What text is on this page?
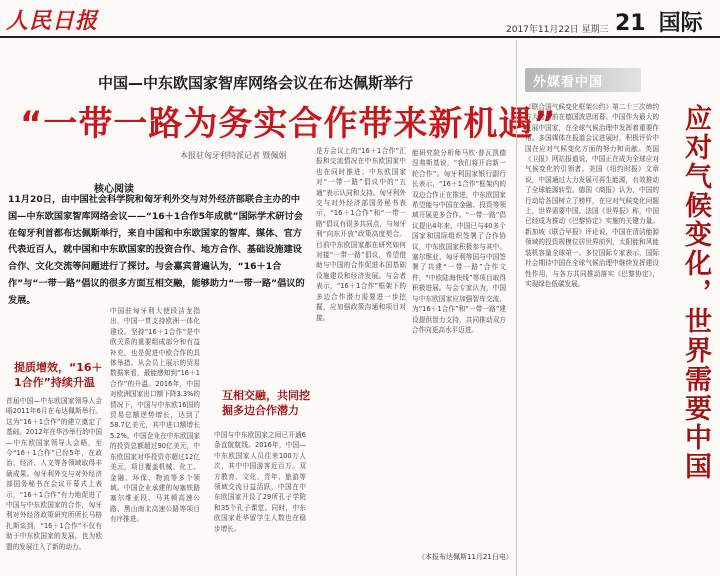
人民日报	2017年11月22日 星期三 21 国际
中国—中东欧国家智库网络会议在布达佩斯举行
“一带一路为务实合作带来新机遇”
本报驻匈牙利特派记者 暨佩娟
核心阅读
11月20日，由中国社会科学院和匈牙利外交与对外经济部联合主办的中国—中东欧国家智库网络会议——“16＋1合作5年成就”国际学术研讨会在匈牙利首都布达佩斯举行，来自中国和中东欧国家的智库、媒体、官方代表近百人，就中国和中东欧国家的投资合作、地方合作、基础设施建设合作、文化交流等问题进行了探讨。与会嘉宾普遍认为，“16＋1合作”与“一带一路”倡议的很多方面互相交融，能够助力“一带一路”倡议的发展。
提质增效，“16＋1合作”持续升温
首届中国—中东欧国家领导人会晤2011年6月在布达佩斯举行。这为“16＋1合作”的建立奠定了基础。2012年在华沙举行的中国—中东欧国家领导人会晤，至今“16＋1合作”已经5年，在政治、经济、人文等各领域取得丰硕成果。匈牙利外交与对外经济部国务秘书在会议开幕式上表示，“16＋1合作”有力地促进了中国与中东欧国家的合作，匈牙利对外经济政策研究所所长马格扎斯谈到，“16＋1合作”不仅有助于中东欧国家的发展，也为欧盟的发展注入了新的动力。
中国驻匈牙利大使段洁龙指出，中国一贯支持欧洲一体化建设。坚持“16＋1合作”是中欧关系的重要组成部分和有益补充，也是促进中欧合作的具体举措。从会员上展示的贸易数据来看，最能感知到“16＋1合作”的升温。2016年，中国对欧洲国家出口额下降3.3%的情况下，中国与中东欧16国的贸易总额逆势增长，达到了58.7亿美元，其中进口额增长5.2%。中国企业在中东欧国家的投资总额超过90亿美元，中东欧国家对华投资亦超过12亿美元，项目覆盖机械、化工、金融、环保、物流等多个领域。中国企业承建的匈塞铁路塞尔维亚段、马其顿高速公路、黑山南北高速公路等项目有序推进。
互相交融，共同挖掘多边合作潜力
中国与中东欧国家之间已开通6条直航航线。2016年，中国—中东欧国家人员往来100万人次，其中中国游客近百万。双方教育、文化、青年、旅游等领域交流日益活跃，中国在中东欧国家开设了29所孔子学院和35个孔子课堂。同时，中东欧国家赴华留学生人数也在稳步增长。
是方会议上的“16＋1合作”汇报和交流情况在中东欧国家中也在同时推进；中东欧国家对“一带一路”倡议中的“五通”表示认同和支持。匈牙利外交与对外经济部国务秘书表示，“16＋1合作”和“一带一路”倡议有很多共同点，与匈牙利“向东开放”政策高度契合。目前中东欧国家都在研究如何对接“一带一路”倡议，希望借助与中国的合作促进本国基础设施建设和经济发展。与会者表示，“16＋1合作”框架下的多边合作潜力需要进一步挖掘，应加强政策沟通和项目对接。
能研究院分析师马钦·普瓦凯德涅弗斯基说，“我们将开启新一轮合作”。匈牙利国家银行副行长表示，“16＋1合作”框架内的双边合作正在推进，中东欧国家希望能与中国在金融、投资等领域开展更多合作。“一带一路”倡议提出4年来，中国已与40多个国家和国际组织签署了合作协议，中东欧国家积极参与其中。塞尔维亚、匈牙利等国与中国签署了共建“一带一路”合作文件，“中欧陆海快线”等项目取得积极进展。与会专家认为，中国与中东欧国家应加强智库交流，为“16＋1合作”和“一带一路”建设提供智力支持，共同推动双方合作向更高水平迈进。
（本报布达佩斯11月21日电）
外媒看中国
《联合国气候变化框架公约》第二十三次缔约方大会日前在德国波恩闭幕。中国作为最大的发展中国家，在全球气候治理中发挥着重要作用。多国媒体在报道会议进展时，积极评价中国在应对气候变化方面的努力和贡献。英国《卫报》网站报道说，中国正在成为全球应对气候变化的引领者。美国《纽约时报》文章说，中国通过大力发展可再生能源，有效推动了全球能源转型。德国《商报》认为，中国的行动给各国树立了榜样，在应对气候变化问题上，世界需要中国。法国《世界报》称，中国已经成为推动《巴黎协定》实施的关键力量。新加坡《联合早报》评论说，中国在清洁能源领域的投资规模位居世界前列，太阳能和风能装机容量全球第一。多位国际专家表示，国际社会期待中国在全球气候治理中继续发挥建设性作用，与各方共同推动落实《巴黎协定》，实现绿色低碳发展。	应对气候变化，世界需要中国
